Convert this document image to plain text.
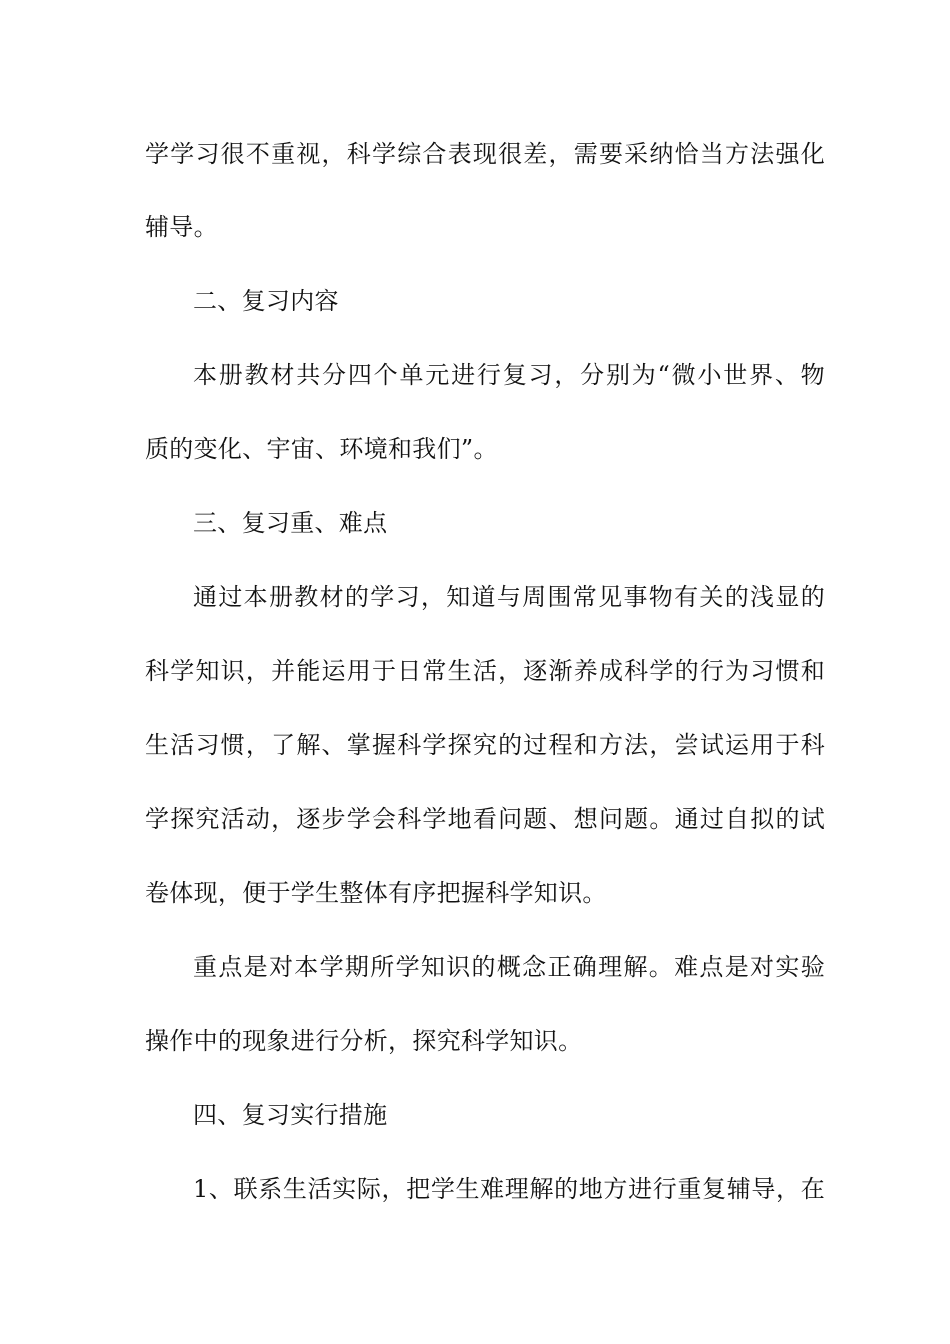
学学习很不重视，科学综合表现很差，需要采纳恰当方法强化
辅导。
二、复习内容
本册教材共分四个单元进行复习，分别为“微小世界、物
质的变化、宇宙、环境和我们”。
三、复习重、难点
通过本册教材的学习，知道与周围常见事物有关的浅显的
科学知识，并能运用于日常生活，逐渐养成科学的行为习惯和
生活习惯，了解、掌握科学探究的过程和方法，尝试运用于科
学探究活动，逐步学会科学地看问题、想问题。通过自拟的试
卷体现，便于学生整体有序把握科学知识。
重点是对本学期所学知识的概念正确理解。难点是对实验
操作中的现象进行分析，探究科学知识。
四、复习实行措施
1、联系生活实际，把学生难理解的地方进行重复辅导，在
